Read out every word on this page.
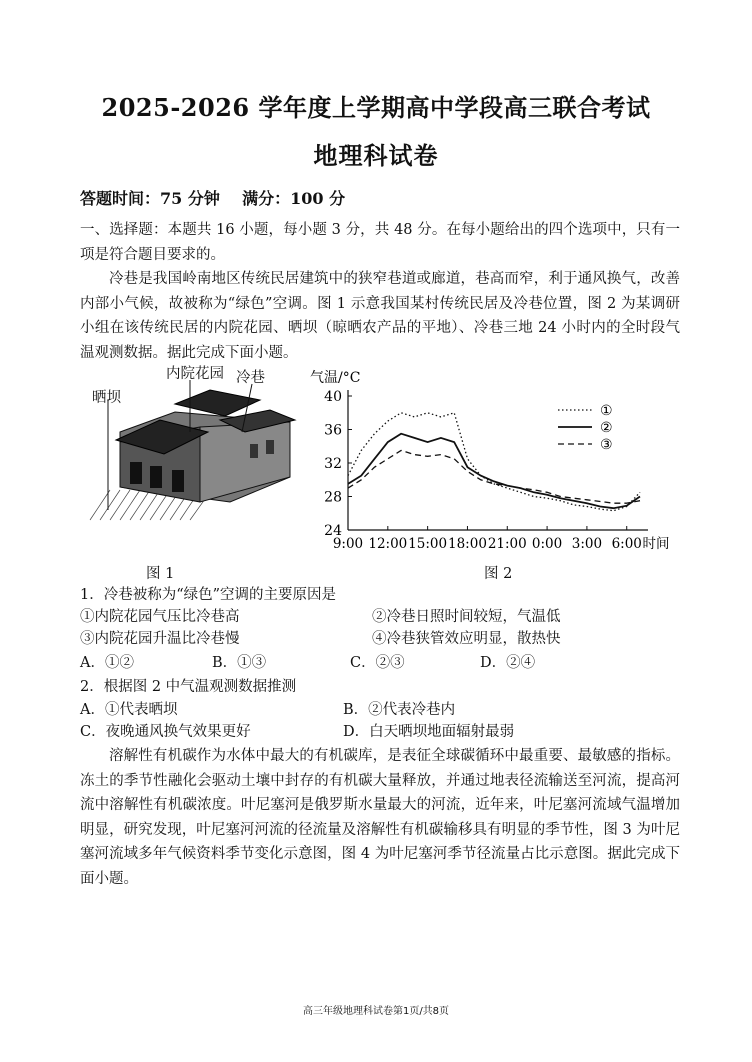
2025-2026 学年度上学期高中学段高三联合考试
地理科试卷
答题时间：75 分钟    满分：100 分
一、选择题：本题共 16 小题，每小题 3 分，共 48 分。在每小题给出的四个选项中，只有一项是符合题目要求的。
冷巷是我国岭南地区传统民居建筑中的狭窄巷道或廊道，巷高而窄，利于通风换气，改善内部小气候，故被称为“绿色”空调。图 1 示意我国某村传统民居及冷巷位置，图 2 为某调研小组在该传统民居的内院花园、晒坝（晾晒农产品的平地）、冷巷三地 24 小时内的全时段气温观测数据。据此完成下面小题。
内院花园 冷巷
晒坝
图 1
气温/°C
24
28
32
36
40
9:00 12:00 15:00 18:00 21:00 0:00 3:00 6:00 时间
①
②
③
图 2
1．冷巷被称为“绿色”空调的主要原因是
①内院花园气压比冷巷高	②冷巷日照时间较短，气温低
③内院花园升温比冷巷慢	④冷巷狭管效应明显，散热快
A．①②	B．①③	C．②③	D．②④
2．根据图 2 中气温观测数据推测
A．①代表晒坝	B．②代表冷巷内
C．夜晚通风换气效果更好	D．白天晒坝地面辐射最弱
溶解性有机碳作为水体中最大的有机碳库，是表征全球碳循环中最重要、最敏感的指标。冻土的季节性融化会驱动土壤中封存的有机碳大量释放，并通过地表径流输送至河流，提高河流中溶解性有机碳浓度。叶尼塞河是俄罗斯水量最大的河流，近年来，叶尼塞河流域气温增加明显，研究发现，叶尼塞河河流的径流量及溶解性有机碳输移具有明显的季节性，图 3 为叶尼塞河流域多年气候资料季节变化示意图，图 4 为叶尼塞河季节径流量占比示意图。据此完成下面小题。
高三年级地理科试卷第1页/共8页
